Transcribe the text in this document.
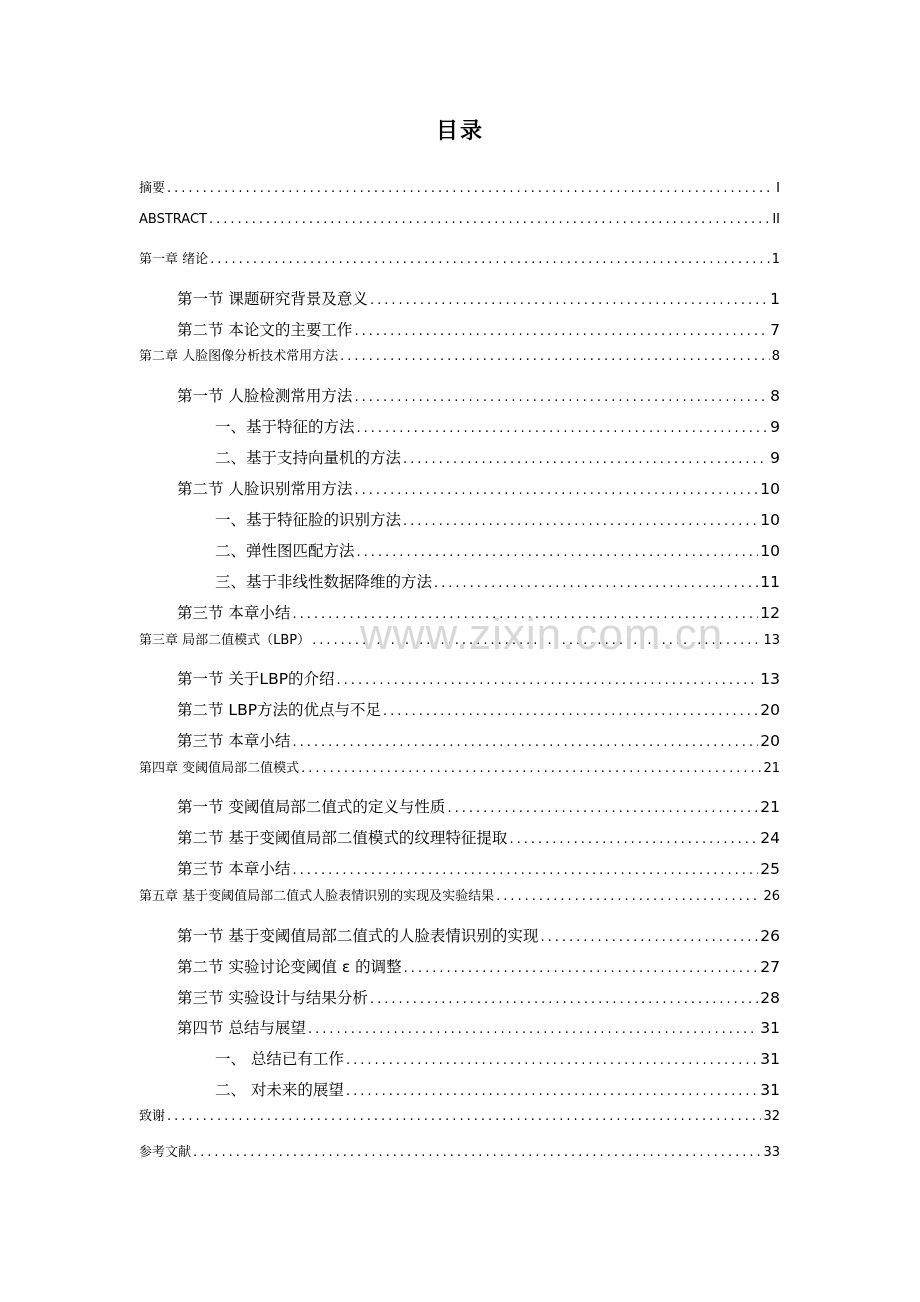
目录
摘要 .....	I
ABSTRACT .....	II
第一章 绪论 .....	1
第一节 课题研究背景及意义 .....	1
第二节 本论文的主要工作 .....	7
第二章 人脸图像分析技术常用方法 .....	8
第一节 人脸检测常用方法 .....	8
一、基于特征的方法 .....	9
二、基于支持向量机的方法 .....	9
第二节 人脸识别常用方法 .....	10
一、基于特征脸的识别方法 .....	10
二、弹性图匹配方法 .....	10
三、基于非线性数据降维的方法 .....	11
第三节 本章小结 .....	12
第三章 局部二值模式（LBP） .....	13
第一节 关于LBP的介绍 .....	13
第二节 LBP方法的优点与不足 .....	20
第三节 本章小结 .....	20
第四章 变阈值局部二值模式 .....	21
第一节 变阈值局部二值式的定义与性质 .....	21
第二节 基于变阈值局部二值模式的纹理特征提取 .....	24
第三节 本章小结 .....	25
第五章 基于变阈值局部二值式人脸表情识别的实现及实验结果 .....	26
第一节 基于变阈值局部二值式的人脸表情识别的实现 .....	26
第二节 实验讨论变阈值 ε 的调整 .....	27
第三节 实验设计与结果分析 .....	28
第四节 总结与展望 .....	31
一、 总结已有工作 .....	31
二、 对未来的展望 .....	31
致谢 .....	32
参考文献 .....	33
www.zixin.com.cn
